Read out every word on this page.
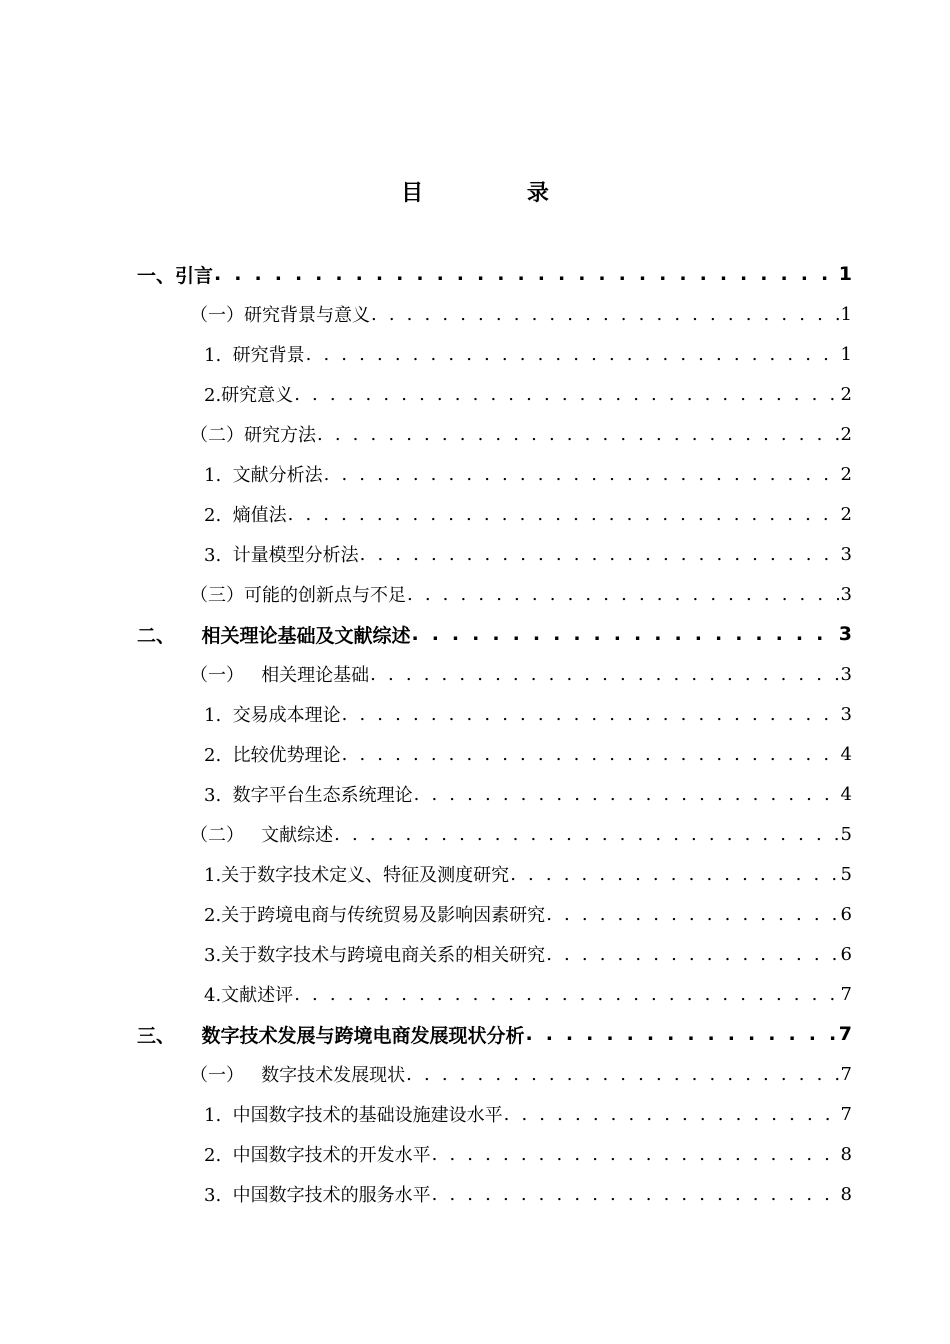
目 录
一、引言 . . .	1
（一）研究背景与意义 . . .	1
1.  研究背景 . . .	1
2.研究意义 . . .	2
（二）研究方法 . . .	2
1.  文献分析法 . . .	2
2.  熵值法 . . .	2
3.  计量模型分析法 . . .	3
（三）可能的创新点与不足 . . .	3
二、    相关理论基础及文献综述 . . .	3
（一）   相关理论基础 . . .	3
1.  交易成本理论 . . .	3
2.  比较优势理论 . . .	4
3.  数字平台生态系统理论 . . .	4
（二）   文献综述 . . .	5
1.关于数字技术定义、特征及测度研究 . . .	5
2.关于跨境电商与传统贸易及影响因素研究 . . .	6
3.关于数字技术与跨境电商关系的相关研究 . . .	6
4.文献述评 . . .	7
三、    数字技术发展与跨境电商发展现状分析 . . .	7
（一）   数字技术发展现状 . . .	7
1.  中国数字技术的基础设施建设水平 . . .	7
2.  中国数字技术的开发水平 . . .	8
3.  中国数字技术的服务水平 . . .	8
